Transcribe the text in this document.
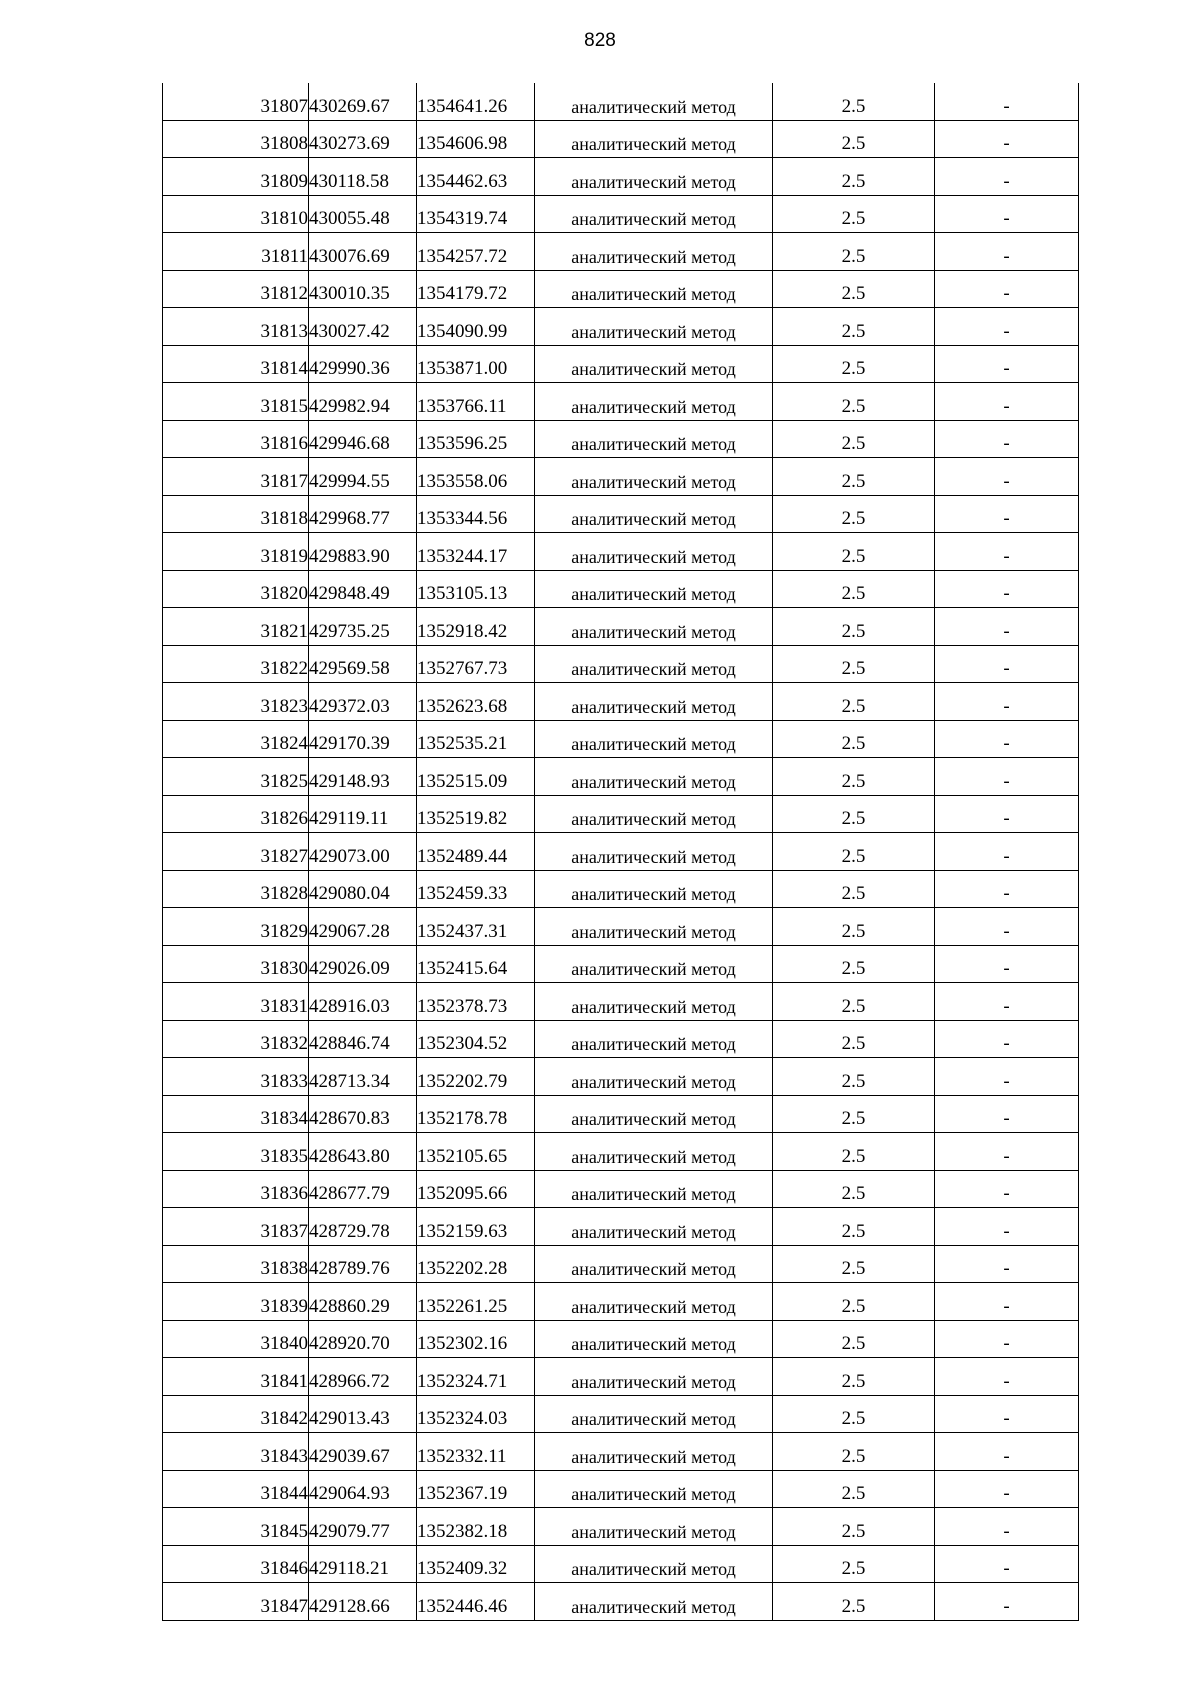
828
31807	430269.67	1354641.26	аналитический метод	2.5	-
31808	430273.69	1354606.98	аналитический метод	2.5	-
31809	430118.58	1354462.63	аналитический метод	2.5	-
31810	430055.48	1354319.74	аналитический метод	2.5	-
31811	430076.69	1354257.72	аналитический метод	2.5	-
31812	430010.35	1354179.72	аналитический метод	2.5	-
31813	430027.42	1354090.99	аналитический метод	2.5	-
31814	429990.36	1353871.00	аналитический метод	2.5	-
31815	429982.94	1353766.11	аналитический метод	2.5	-
31816	429946.68	1353596.25	аналитический метод	2.5	-
31817	429994.55	1353558.06	аналитический метод	2.5	-
31818	429968.77	1353344.56	аналитический метод	2.5	-
31819	429883.90	1353244.17	аналитический метод	2.5	-
31820	429848.49	1353105.13	аналитический метод	2.5	-
31821	429735.25	1352918.42	аналитический метод	2.5	-
31822	429569.58	1352767.73	аналитический метод	2.5	-
31823	429372.03	1352623.68	аналитический метод	2.5	-
31824	429170.39	1352535.21	аналитический метод	2.5	-
31825	429148.93	1352515.09	аналитический метод	2.5	-
31826	429119.11	1352519.82	аналитический метод	2.5	-
31827	429073.00	1352489.44	аналитический метод	2.5	-
31828	429080.04	1352459.33	аналитический метод	2.5	-
31829	429067.28	1352437.31	аналитический метод	2.5	-
31830	429026.09	1352415.64	аналитический метод	2.5	-
31831	428916.03	1352378.73	аналитический метод	2.5	-
31832	428846.74	1352304.52	аналитический метод	2.5	-
31833	428713.34	1352202.79	аналитический метод	2.5	-
31834	428670.83	1352178.78	аналитический метод	2.5	-
31835	428643.80	1352105.65	аналитический метод	2.5	-
31836	428677.79	1352095.66	аналитический метод	2.5	-
31837	428729.78	1352159.63	аналитический метод	2.5	-
31838	428789.76	1352202.28	аналитический метод	2.5	-
31839	428860.29	1352261.25	аналитический метод	2.5	-
31840	428920.70	1352302.16	аналитический метод	2.5	-
31841	428966.72	1352324.71	аналитический метод	2.5	-
31842	429013.43	1352324.03	аналитический метод	2.5	-
31843	429039.67	1352332.11	аналитический метод	2.5	-
31844	429064.93	1352367.19	аналитический метод	2.5	-
31845	429079.77	1352382.18	аналитический метод	2.5	-
31846	429118.21	1352409.32	аналитический метод	2.5	-
31847	429128.66	1352446.46	аналитический метод	2.5	-
